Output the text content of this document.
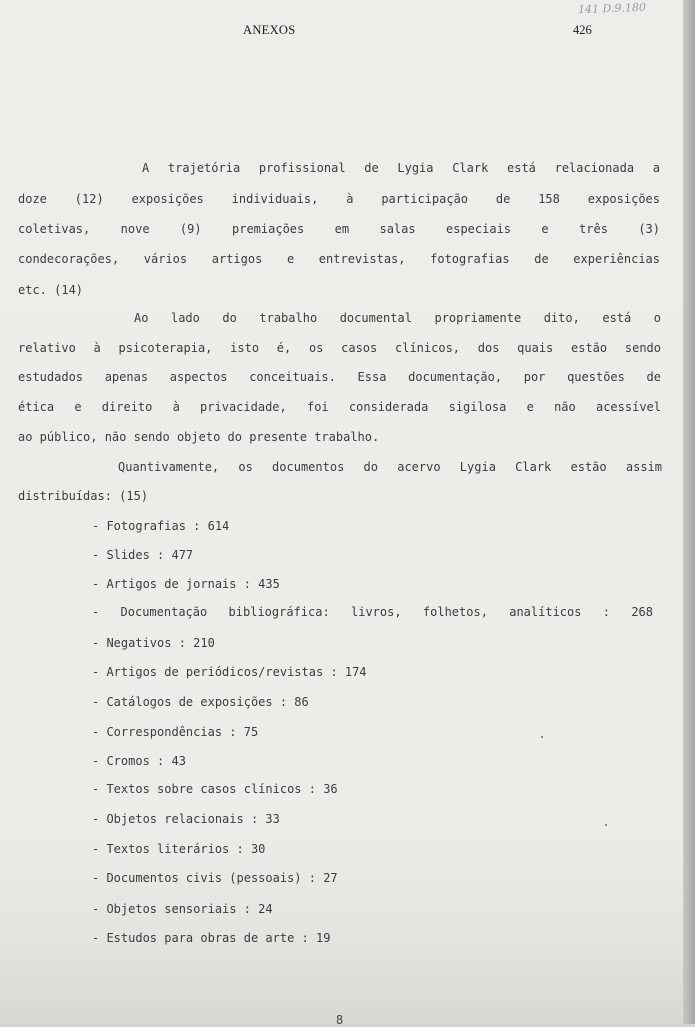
ANEXOS	426
141 D.9.180
A trajetória profissional de Lygia Clark está relacionada a
doze (12) exposições individuais, à participação de 158 exposições
coletivas, nove (9) premiações em salas especiais e três (3)
condecorações, vários artigos e entrevistas, fotografias de experiências
etc. (14)
Ao lado do trabalho documental propriamente dito, está o
relativo à psicoterapia, isto é, os casos clínicos, dos quais estão sendo
estudados apenas aspectos conceituais. Essa documentação, por questões de
ética e direito à privacidade, foi considerada sigilosa e não acessível
ao público, não sendo objeto do presente trabalho.
Quantivamente, os documentos do acervo Lygia Clark estão assim
distribuídas: (15)
- Fotografias : 614
- Slides : 477
- Artigos de jornais : 435
- Documentação bibliográfica: livros, folhetos, analíticos : 268
- Negativos : 210
- Artigos de periódicos/revistas : 174
- Catálogos de exposições : 86
- Correspondências : 75
- Cromos : 43
- Textos sobre casos clínicos : 36
- Objetos relacionais : 33
- Textos literários : 30
- Documentos civis (pessoais) : 27
- Objetos sensoriais : 24
- Estudos para obras de arte : 19
8
